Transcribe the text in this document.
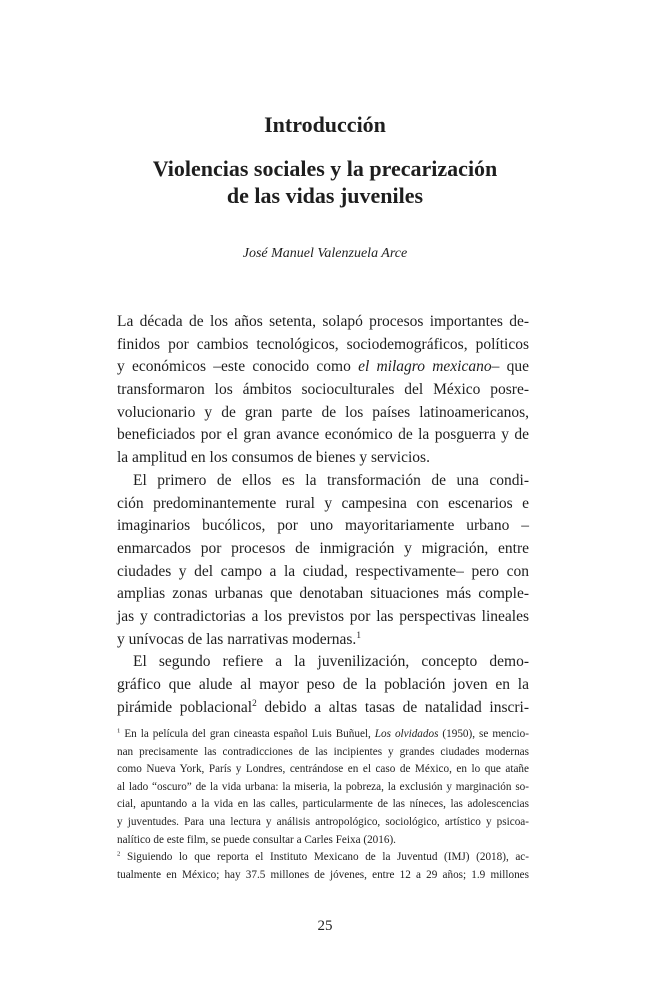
Introducción
Violencias sociales y la precarización
de las vidas juveniles
José Manuel Valenzuela Arce
La década de los años setenta, solapó procesos importantes de-
finidos por cambios tecnológicos, sociodemográficos, políticos
y económicos –este conocido como el milagro mexicano– que
transformaron los ámbitos socioculturales del México posre-
volucionario y de gran parte de los países latinoamericanos,
beneficiados por el gran avance económico de la posguerra y de
la amplitud en los consumos de bienes y servicios.
El primero de ellos es la transformación de una condi-
ción predominantemente rural y campesina con escenarios e
imaginarios bucólicos, por uno mayoritariamente urbano –
enmarcados por procesos de inmigración y migración, entre
ciudades y del campo a la ciudad, respectivamente– pero con
amplias zonas urbanas que denotaban situaciones más comple-
jas y contradictorias a los previstos por las perspectivas lineales
y unívocas de las narrativas modernas.$^1$
El segundo refiere a la juvenilización, concepto demo-
gráfico que alude al mayor peso de la población joven en la
pirámide poblacional$^2$ debido a altas tasas de natalidad inscri-
$^1$ En la película del gran cineasta español Luis Buñuel, Los olvidados (1950), se mencio-
nan precisamente las contradicciones de las incipientes y grandes ciudades modernas
como Nueva York, París y Londres, centrándose en el caso de México, en lo que atañe
al lado “oscuro” de la vida urbana: la miseria, la pobreza, la exclusión y marginación so-
cial, apuntando a la vida en las calles, particularmente de las níneces, las adolescencias
y juventudes. Para una lectura y análisis antropológico, sociológico, artístico y psicoa-
nalítico de este film, se puede consultar a Carles Feixa (2016).
$^2$ Siguiendo lo que reporta el Instituto Mexicano de la Juventud (IMJ) (2018), ac-
tualmente en México; hay 37.5 millones de jóvenes, entre 12 a 29 años; 1.9 millones
25
